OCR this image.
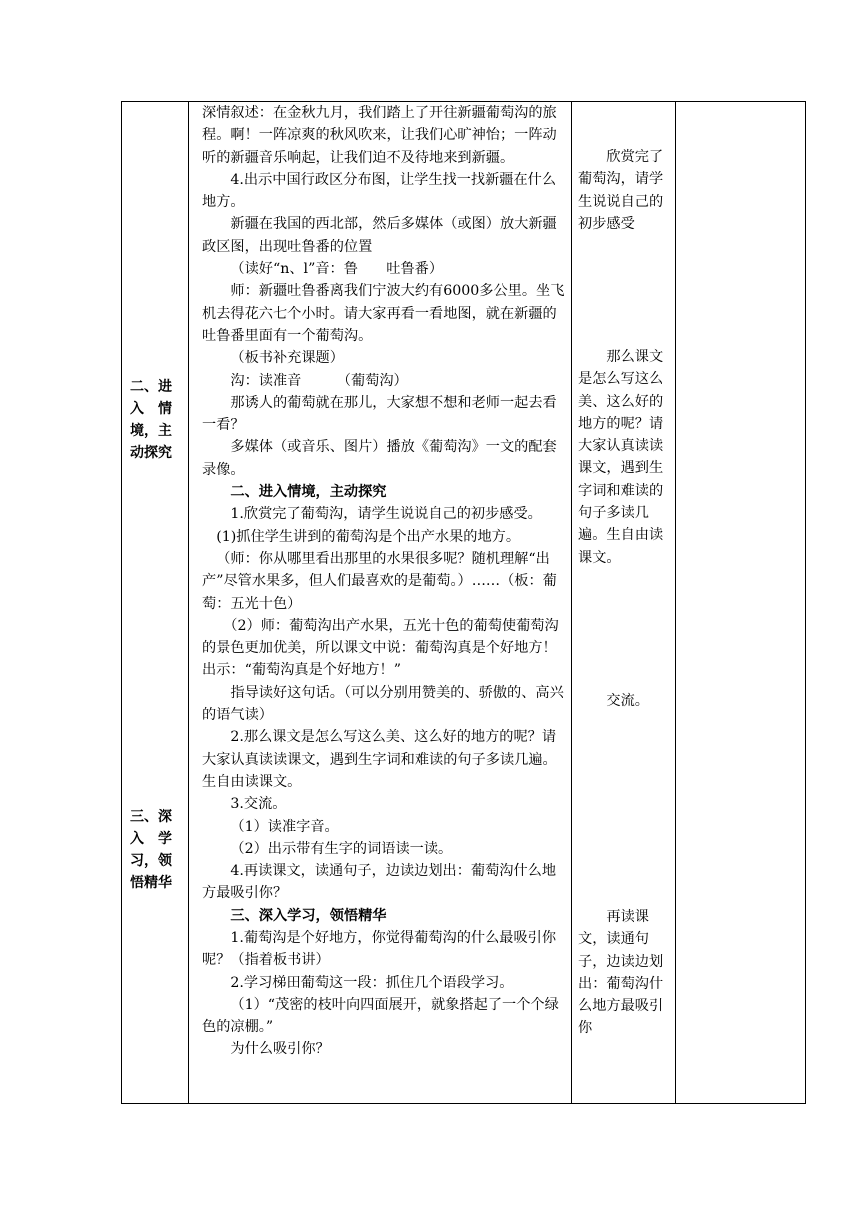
二、进
入　情
境，主
动探究
三、深
入　学
习，领
悟精华

深情叙述：在金秋九月，我们踏上了开往新疆葡萄沟的旅程。啊！一阵凉爽的秋风吹来，让我们心旷神怡；一阵动听的新疆音乐响起，让我们迫不及待地来到新疆。

4.出示中国行政区分布图，让学生找一找新疆在什么地方。

新疆在我国的西北部，然后多媒体（或图）放大新疆政区图，出现吐鲁番的位置

（读好“n、l”音：鲁　　吐鲁番）

师：新疆吐鲁番离我们宁波大约有6000多公里。坐飞机去得花六七个小时。请大家再看一看地图，就在新疆的吐鲁番里面有一个葡萄沟。

（板书补充课题）

沟：读准音　　　（葡萄沟）

那诱人的葡萄就在那儿，大家想不想和老师一起去看一看？

多媒体（或音乐、图片）播放《葡萄沟》一文的配套录像。

二、进入情境，主动探究

1.欣赏完了葡萄沟，请学生说说自己的初步感受。

(1)抓住学生讲到的葡萄沟是个出产水果的地方。

（师：你从哪里看出那里的水果很多呢？随机理解“出产”尽管水果多，但人们最喜欢的是葡萄。）……（板：葡萄：五光十色）

（2）师：葡萄沟出产水果，五光十色的葡萄使葡萄沟的景色更加优美，所以课文中说：葡萄沟真是个好地方！出示：“葡萄沟真是个好地方！”

指导读好这句话。（可以分别用赞美的、骄傲的、高兴的语气读）

2.那么课文是怎么写这么美、这么好的地方的呢？请大家认真读读课文，遇到生字词和难读的句子多读几遍。生自由读课文。

3.交流。

（1）读准字音。

（2）出示带有生字的词语读一读。

4.再读课文，读通句子，边读边划出：葡萄沟什么地方最吸引你？

三、深入学习，领悟精华

1.葡萄沟是个好地方，你觉得葡萄沟的什么最吸引你呢？（指着板书讲）

2.学习梯田葡萄这一段：抓住几个语段学习。

（1）“茂密的枝叶向四面展开，就象搭起了一个个绿色的凉棚。”

为什么吸引你？

欣赏完了葡萄沟，请学生说说自己的初步感受

那么课文是怎么写这么美、这么好的地方的呢？请大家认真读读课文，遇到生字词和难读的句子多读几遍。生自由读课文。

交流。

再读课文，读通句子，边读边划出：葡萄沟什么地方最吸引你
